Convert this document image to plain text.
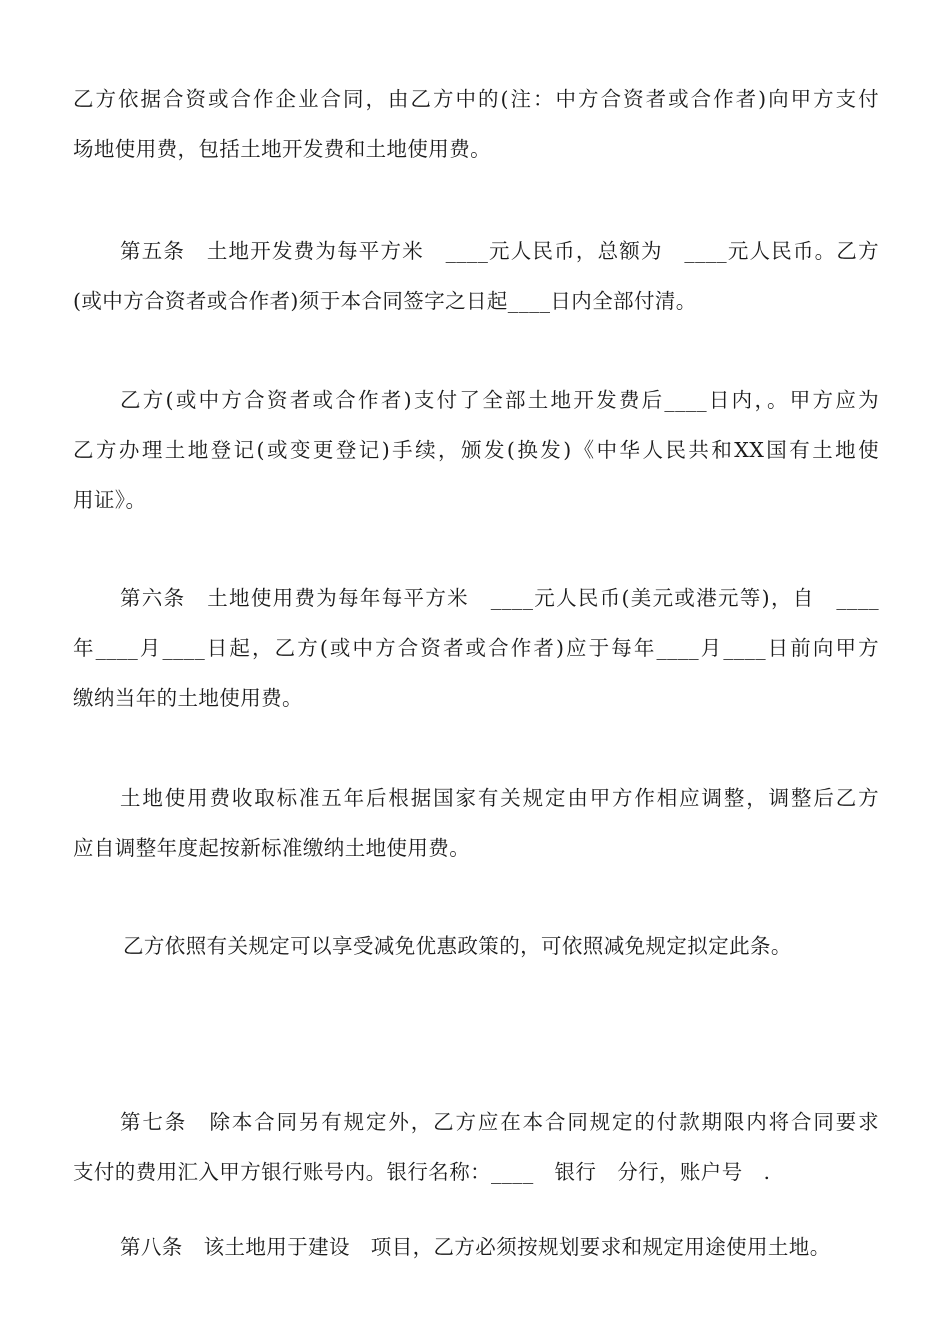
乙方依据合资或合作企业合同，由乙方中的(注：中方合资者或合作者)向甲方支付
场地使用费，包括土地开发费和土地使用费。
第五条　土地开发费为每平方米　____元人民币，总额为　____元人民币。乙方
(或中方合资者或合作者)须于本合同签字之日起____日内全部付清。
乙方(或中方合资者或合作者)支付了全部土地开发费后____日内，。甲方应为
乙方办理土地登记(或变更登记)手续，颁发(换发)《中华人民共和XX国有土地使
用证》。
第六条　土地使用费为每年每平方米　____元人民币(美元或港元等)，自　____
年____月____日起，乙方(或中方合资者或合作者)应于每年____月____日前向甲方
缴纳当年的土地使用费。
土地使用费收取标准五年后根据国家有关规定由甲方作相应调整，调整后乙方
应自调整年度起按新标准缴纳土地使用费。
乙方依照有关规定可以享受减免优惠政策的，可依照减免规定拟定此条。
第七条　除本合同另有规定外，乙方应在本合同规定的付款期限内将合同要求
支付的费用汇入甲方银行账号内。银行名称：____　银行　分行，账户号　.
第八条　该土地用于建设　项目，乙方必须按规划要求和规定用途使用土地。
